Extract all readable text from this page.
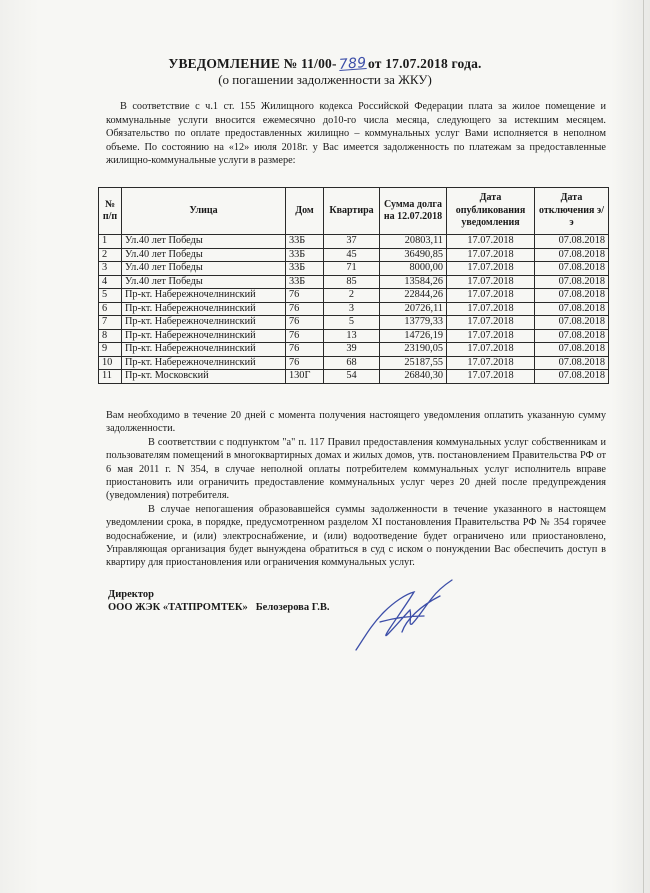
УВЕДОМЛЕНИЕ № 11/00-789от 17.07.2018 года.
(о погашении задолженности за ЖКУ)

В соответствие с ч.1 ст. 155 Жилищного кодекса Российской Федерации плата за жилое помещение и коммунальные услуги вносится ежемесячно до10-го числа месяца, следующего за истекшим месяцем. Обязательство по оплате предоставленных жилищно – коммунальных услуг Вами исполняется в неполном объеме. По состоянию на «12» июля 2018г. у Вас имеется задолженность по платежам за предоставленные жилищно-коммунальные услуги в размере:

№ п/п	Улица	Дом	Квартира	Сумма долга на 12.07.2018	Дата опубликования уведомления	Дата отключения э/э
1	Ул.40 лет Победы	33Б	37	20803,11	17.07.2018	07.08.2018
2	Ул.40 лет Победы	33Б	45	36490,85	17.07.2018	07.08.2018
3	Ул.40 лет Победы	33Б	71	8000,00	17.07.2018	07.08.2018
4	Ул.40 лет Победы	33Б	85	13584,26	17.07.2018	07.08.2018
5	Пр-кт. Набережночелнинский	76	2	22844,26	17.07.2018	07.08.2018
6	Пр-кт. Набережночелнинский	76	3	20726,11	17.07.2018	07.08.2018
7	Пр-кт. Набережночелнинский	76	5	13779,33	17.07.2018	07.08.2018
8	Пр-кт. Набережночелнинский	76	13	14726,19	17.07.2018	07.08.2018
9	Пр-кт. Набережночелнинский	76	39	23190,05	17.07.2018	07.08.2018
10	Пр-кт. Набережночелнинский	76	68	25187,55	17.07.2018	07.08.2018
11	Пр-кт. Московский	130Г	54	26840,30	17.07.2018	07.08.2018

Вам необходимо в течение 20 дней с момента получения настоящего уведомления оплатить указанную сумму задолженности.

В соответствии с подпунктом "а" п. 117 Правил предоставления коммунальных услуг собственникам и пользователям помещений в многоквартирных домах и жилых домов, утв. постановлением Правительства РФ от 6 мая 2011 г. N 354, в случае неполной оплаты потребителем коммунальных услуг исполнитель вправе приостановить или ограничить предоставление коммунальных услуг через 20 дней после предупреждения (уведомления) потребителя.

В случае непогашения образовавшейся суммы задолженности в течение указанного в настоящем уведомлении срока, в порядке, предусмотренном разделом XI постановления Правительства РФ № 354 горячее водоснабжение, и (или) электроснабжение, и (или) водоотведение будет ограничено или приостановлено, Управляющая организация будет вынуждена обратиться в суд с иском о понуждении Вас обеспечить доступ в квартиру для приостановления или ограничения коммунальных услуг.

Директор
ООО ЖЭК «ТАТПРОМТЕК» Белозерова Г.В.
